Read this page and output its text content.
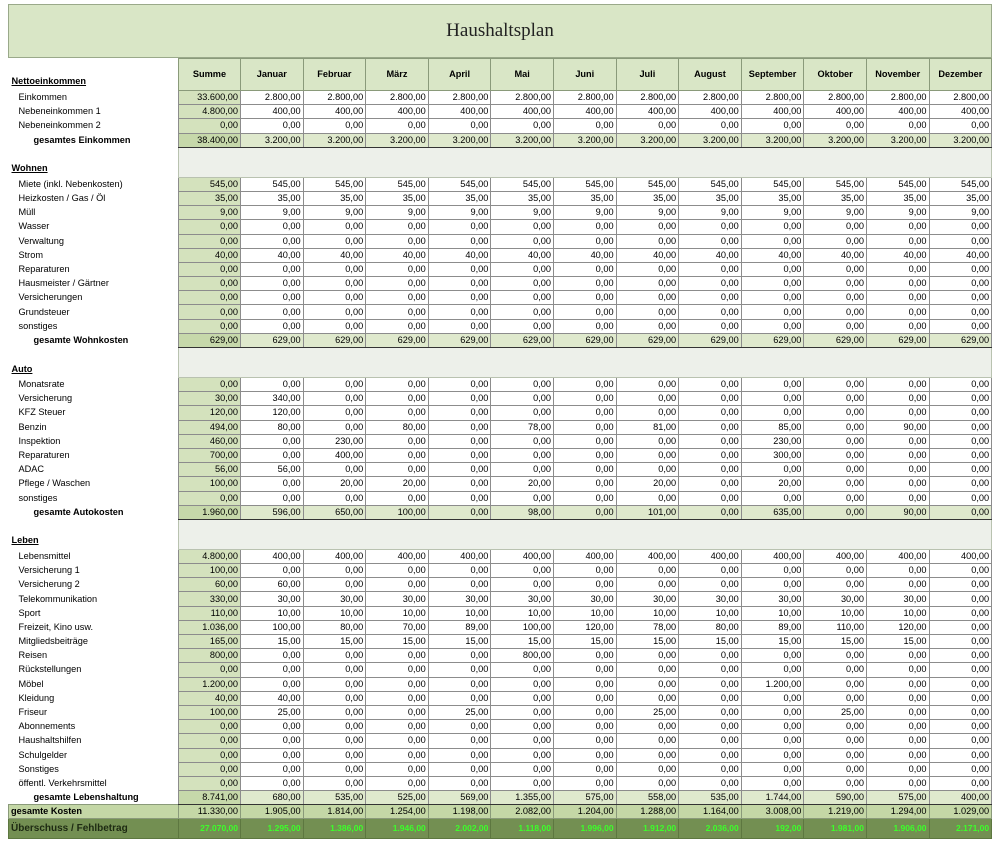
Haushaltsplan
Nettoeinkommen	Summe	Januar	Februar	März	April	Mai	Juni	Juli	August	September	Oktober	November	Dezember
Einkommen	33.600,00	2.800,00	2.800,00	2.800,00	2.800,00	2.800,00	2.800,00	2.800,00	2.800,00	2.800,00	2.800,00	2.800,00	2.800,00
Nebeneinkommen 1	4.800,00	400,00	400,00	400,00	400,00	400,00	400,00	400,00	400,00	400,00	400,00	400,00	400,00
Nebeneinkommen 2	0,00	0,00	0,00	0,00	0,00	0,00	0,00	0,00	0,00	0,00	0,00	0,00	0,00
gesamtes Einkommen	38.400,00	3.200,00	3.200,00	3.200,00	3.200,00	3.200,00	3.200,00	3.200,00	3.200,00	3.200,00	3.200,00	3.200,00	3.200,00
Wohnen													
Miete (inkl. Nebenkosten)	545,00	545,00	545,00	545,00	545,00	545,00	545,00	545,00	545,00	545,00	545,00	545,00	545,00
Heizkosten / Gas / Öl	35,00	35,00	35,00	35,00	35,00	35,00	35,00	35,00	35,00	35,00	35,00	35,00	35,00
Müll	9,00	9,00	9,00	9,00	9,00	9,00	9,00	9,00	9,00	9,00	9,00	9,00	9,00
Wasser	0,00	0,00	0,00	0,00	0,00	0,00	0,00	0,00	0,00	0,00	0,00	0,00	0,00
Verwaltung	0,00	0,00	0,00	0,00	0,00	0,00	0,00	0,00	0,00	0,00	0,00	0,00	0,00
Strom	40,00	40,00	40,00	40,00	40,00	40,00	40,00	40,00	40,00	40,00	40,00	40,00	40,00
Reparaturen	0,00	0,00	0,00	0,00	0,00	0,00	0,00	0,00	0,00	0,00	0,00	0,00	0,00
Hausmeister / Gärtner	0,00	0,00	0,00	0,00	0,00	0,00	0,00	0,00	0,00	0,00	0,00	0,00	0,00
Versicherungen	0,00	0,00	0,00	0,00	0,00	0,00	0,00	0,00	0,00	0,00	0,00	0,00	0,00
Grundsteuer	0,00	0,00	0,00	0,00	0,00	0,00	0,00	0,00	0,00	0,00	0,00	0,00	0,00
sonstiges	0,00	0,00	0,00	0,00	0,00	0,00	0,00	0,00	0,00	0,00	0,00	0,00	0,00
gesamte Wohnkosten	629,00	629,00	629,00	629,00	629,00	629,00	629,00	629,00	629,00	629,00	629,00	629,00	629,00
Auto													
Monatsrate	0,00	0,00	0,00	0,00	0,00	0,00	0,00	0,00	0,00	0,00	0,00	0,00	0,00
Versicherung	30,00	340,00	0,00	0,00	0,00	0,00	0,00	0,00	0,00	0,00	0,00	0,00	0,00
KFZ Steuer	120,00	120,00	0,00	0,00	0,00	0,00	0,00	0,00	0,00	0,00	0,00	0,00	0,00
Benzin	494,00	80,00	0,00	80,00	0,00	78,00	0,00	81,00	0,00	85,00	0,00	90,00	0,00
Inspektion	460,00	0,00	230,00	0,00	0,00	0,00	0,00	0,00	0,00	230,00	0,00	0,00	0,00
Reparaturen	700,00	0,00	400,00	0,00	0,00	0,00	0,00	0,00	0,00	300,00	0,00	0,00	0,00
ADAC	56,00	56,00	0,00	0,00	0,00	0,00	0,00	0,00	0,00	0,00	0,00	0,00	0,00
Pflege / Waschen	100,00	0,00	20,00	20,00	0,00	20,00	0,00	20,00	0,00	20,00	0,00	0,00	0,00
sonstiges	0,00	0,00	0,00	0,00	0,00	0,00	0,00	0,00	0,00	0,00	0,00	0,00	0,00
gesamte Autokosten	1.960,00	596,00	650,00	100,00	0,00	98,00	0,00	101,00	0,00	635,00	0,00	90,00	0,00
Leben													
Lebensmittel	4.800,00	400,00	400,00	400,00	400,00	400,00	400,00	400,00	400,00	400,00	400,00	400,00	400,00
Versicherung 1	100,00	0,00	0,00	0,00	0,00	0,00	0,00	0,00	0,00	0,00	0,00	0,00	0,00
Versicherung 2	60,00	60,00	0,00	0,00	0,00	0,00	0,00	0,00	0,00	0,00	0,00	0,00	0,00
Telekommunikation	330,00	30,00	30,00	30,00	30,00	30,00	30,00	30,00	30,00	30,00	30,00	30,00	0,00
Sport	110,00	10,00	10,00	10,00	10,00	10,00	10,00	10,00	10,00	10,00	10,00	10,00	0,00
Freizeit, Kino usw.	1.036,00	100,00	80,00	70,00	89,00	100,00	120,00	78,00	80,00	89,00	110,00	120,00	0,00
Mitgliedsbeiträge	165,00	15,00	15,00	15,00	15,00	15,00	15,00	15,00	15,00	15,00	15,00	15,00	0,00
Reisen	800,00	0,00	0,00	0,00	0,00	800,00	0,00	0,00	0,00	0,00	0,00	0,00	0,00
Rückstellungen	0,00	0,00	0,00	0,00	0,00	0,00	0,00	0,00	0,00	0,00	0,00	0,00	0,00
Möbel	1.200,00	0,00	0,00	0,00	0,00	0,00	0,00	0,00	0,00	1.200,00	0,00	0,00	0,00
Kleidung	40,00	40,00	0,00	0,00	0,00	0,00	0,00	0,00	0,00	0,00	0,00	0,00	0,00
Friseur	100,00	25,00	0,00	0,00	25,00	0,00	0,00	25,00	0,00	0,00	25,00	0,00	0,00
Abonnements	0,00	0,00	0,00	0,00	0,00	0,00	0,00	0,00	0,00	0,00	0,00	0,00	0,00
Haushaltshilfen	0,00	0,00	0,00	0,00	0,00	0,00	0,00	0,00	0,00	0,00	0,00	0,00	0,00
Schulgelder	0,00	0,00	0,00	0,00	0,00	0,00	0,00	0,00	0,00	0,00	0,00	0,00	0,00
Sonstiges	0,00	0,00	0,00	0,00	0,00	0,00	0,00	0,00	0,00	0,00	0,00	0,00	0,00
öffentl. Verkehrsmittel	0,00	0,00	0,00	0,00	0,00	0,00	0,00	0,00	0,00	0,00	0,00	0,00	0,00
gesamte Lebenshaltung	8.741,00	680,00	535,00	525,00	569,00	1.355,00	575,00	558,00	535,00	1.744,00	590,00	575,00	400,00
gesamte Kosten	11.330,00	1.905,00	1.814,00	1.254,00	1.198,00	2.082,00	1.204,00	1.288,00	1.164,00	3.008,00	1.219,00	1.294,00	1.029,00
Überschuss / Fehlbetrag	27.070,00	1.295,00	1.386,00	1.946,00	2.002,00	1.118,00	1.996,00	1.912,00	2.036,00	192,00	1.981,00	1.906,00	2.171,00
